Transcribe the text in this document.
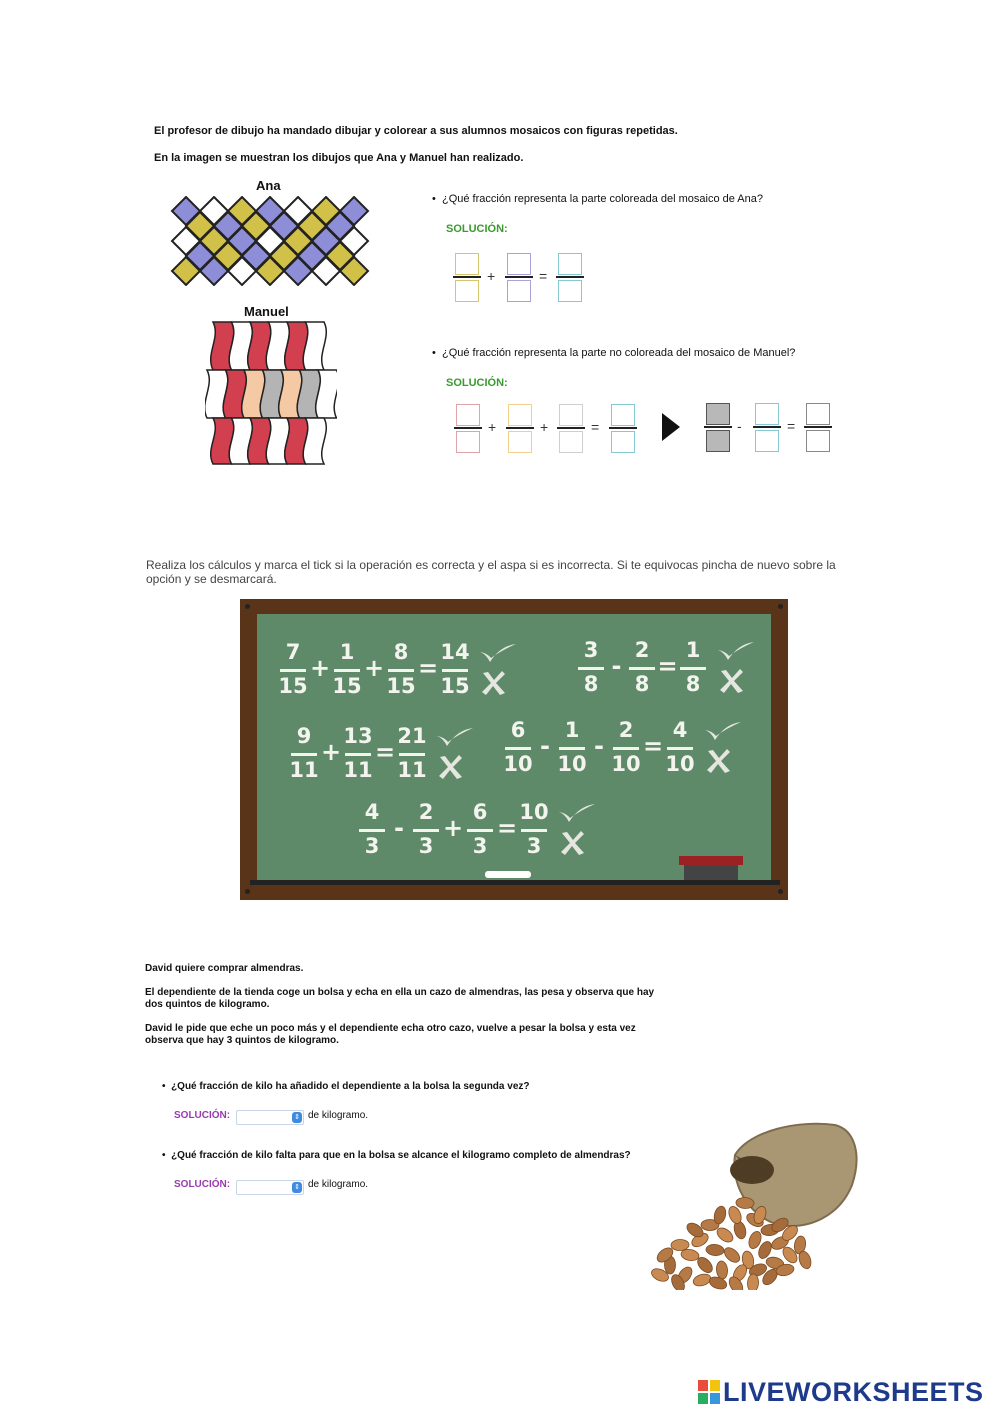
El profesor de dibujo ha mandado dibujar y colorear a sus alumnos mosaicos con figuras repetidas.
En la imagen se muestran los dibujos que Ana y Manuel han realizado.
Ana
Manuel
•  ¿Qué fracción representa la parte coloreada del mosaico de Ana?
SOLUCIÓN:
+	=
•  ¿Qué fracción representa la parte no coloreada del mosaico de Manuel?
SOLUCIÓN:
+	+	=	-	=
Realiza los cálculos y marca el tick si la operación es correcta y el aspa si es incorrecta. Si te equivocas pincha de nuevo sobre la opción y se desmarcará.
7
15
+
1
15
+
8
15
=
14
15
3
8
-
2
8
=
1
8
9
11
+
13
11
=
21
11
6
10
-
1
10
-
2
10
=
4
10
4
3
-
2
3
+
6
3
=
10
3
David quiere comprar almendras.
El dependiente de la tienda coge un bolsa y echa en ella un cazo de almendras, las pesa y observa que hay
dos quintos de kilogramo.
David le pide que eche un poco más y el dependiente echa otro cazo, vuelve a pesar la bolsa y esta vez
observa que hay 3 quintos de kilogramo.
•  ¿Qué fracción de kilo ha añadido el dependiente a la bolsa la segunda vez?
SOLUCIÓN:	⇕ de kilogramo.
•  ¿Qué fracción de kilo falta para que en la bolsa se alcance el kilogramo completo de almendras?
SOLUCIÓN:	⇕ de kilogramo.
LIVEWORKSHEETS
